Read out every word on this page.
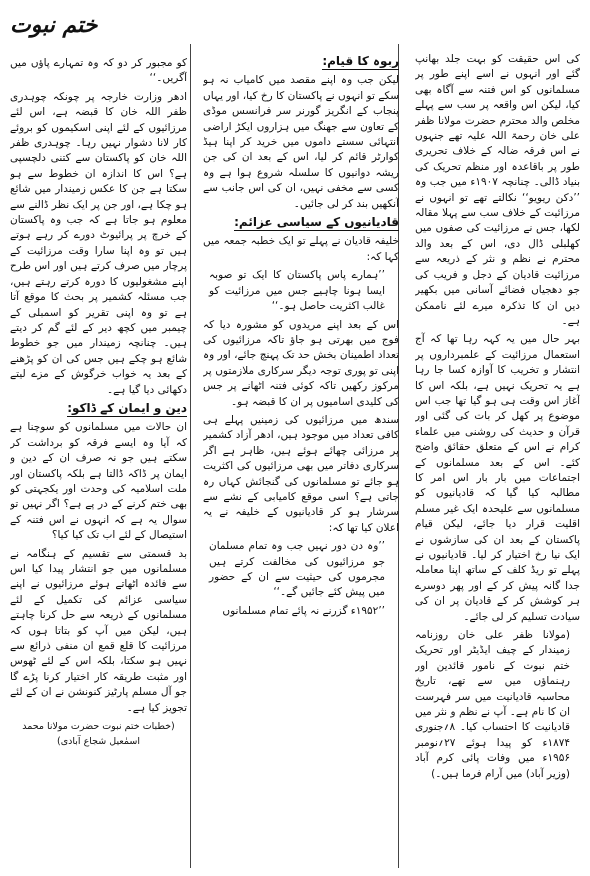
ختم نبوت

کی اس حقیقت کو بہت جلد بھانپ گئے اور انہوں نے اسے اپنے طور پر مسلمانوں کو اس فتنہ سے آگاہ بھی کیا، لیکن اس واقعہ پر سب سے پہلے مخلص والد محترم حضرت مولانا ظفر علی خان رحمۃ اللہ علیہ تھے جنہوں نے اس فرقہ ضالہ کے خلاف تحریری طور پر باقاعدہ اور منظم تحریک کی بنیاد ڈالی۔ چنانچہ ۱۹۰۷ء میں جب وہ ’’دکن ریویو‘‘ نکالتے تھے تو انہوں نے مرزائیت کے خلاف سب سے پہلا مقالہ لکھا، جس نے مرزائیت کی صفوں میں کھلبلی ڈال دی، اس کے بعد والد محترم نے نظم و نثر کے ذریعہ سے مرزائیت قادیان کے دجل و فریب کی جو دھجیاں فضائے آسانی میں بکھیر دیں ان کا تذکرہ میرے لئے ناممکن ہے۔

بہر حال میں یہ کہہ رہا تھا کہ آج استعمال مرزائیت کے علمبرداروں پر انتشار و تخریب کا آوازہ کسا جا رہا ہے یہ تحریک نہیں ہے، بلکہ اس کا آغاز اس وقت ہی ہو گیا تھا جب اس موضوع پر کھل کر بات کی گئی اور قرآن و حدیث کی روشنی میں علماء کرام نے اس کے متعلق حقائق واضح کئے۔ اس کے بعد مسلمانوں کے اجتماعات میں بار بار اس امر کا مطالبہ کیا گیا کہ قادیانیوں کو مسلمانوں سے علیحدہ ایک غیر مسلم اقلیت قرار دیا جائے، لیکن قیام پاکستان کے بعد ان کی سازشوں نے ایک نیا رخ اختیار کر لیا۔ قادیانیوں نے پہلے تو ریڈ کلف کے ساتھ اپنا معاملہ جدا گانہ پیش کر کے اور پھر دوسرے ہر کوشش کر کے قادیان پر ان کی سیادت تسلیم کر لی جائے۔

(مولانا ظفر علی خان روزنامہ زمیندار کے چیف ایڈیٹر اور تحریک ختم نبوت کے نامور قائدین اور رہنماؤں میں سے تھے، تاریخ محاسبہ قادیانیت میں سر فہرست ان کا نام ہے۔ آپ نے نظم و نثر میں قادیانیت کا احتساب کیا۔ ۸؍جنوری ۱۸۷۴ء کو پیدا ہوئے ۲۷؍نومبر ۱۹۵۶ء میں وفات پائی کرم آباد (وزیر آباد) میں آرام فرما ہیں۔)

ربوہ کا قیام:

لیکن جب وہ اپنے مقصد میں کامیاب نہ ہو سکے تو انہوں نے پاکستان کا رخ کیا، اور یہاں پنجاب کے انگریز گورنر سر فرانسس موڈی کے تعاون سے جھنگ میں ہزاروں ایکڑ اراضی انتہائی سستے داموں میں خرید کر اپنا ہیڈ کوارٹر قائم کر لیا، اس کے بعد ان کی جن ریشہ دوانیوں کا سلسلہ شروع ہوا ہے وہ کسی سے مخفی نہیں، ان کی اس جانب سے آنکھیں بند کر لی جائیں۔

قادیانیوں کے سیاسی عزائم:

خلیفہ قادیان نے پہلے تو ایک خطبہ جمعہ میں کہا کہ:

’’ہمارے پاس پاکستان کا ایک تو صوبہ ایسا ہونا چاہیے جس میں مرزائیت کو غالب اکثریت حاصل ہو۔‘‘

اس کے بعد اپنے مریدوں کو مشورہ دیا کہ فوج میں بھرتی ہو جاؤ تاکہ مرزائیوں کی تعداد اطمینان بخش حد تک پہنچ جائے، اور وہ اپنی تو پوری توجہ دیگر سرکاری ملازمتوں پر مرکوز رکھیں تاکہ کوئی فتنہ اٹھانے پر جس کی کلیدی اسامیوں پر ان کا قبضہ ہو۔

سندھ میں مرزائیوں کی زمینیں پہلے ہی کافی تعداد میں موجود ہیں، ادھر آزاد کشمیر پر مرزائی چھائے ہوئے ہیں، ظاہر ہے اگر سرکاری دفاتر میں بھی مرزائیوں کی اکثریت ہو جائے تو مسلمانوں کی گنجائش کہاں رہ جاتی ہے؟ اسی موقع کامیابی کے نشے سے سرشار ہو کر قادیانیوں کے خلیفہ نے یہ اعلان کیا تھا کہ:

’’وہ دن دور نہیں جب وہ تمام مسلمان جو مرزائیوں کی مخالفت کرتے ہیں مجرموں کی حیثیت سے ان کے حضور میں پیش کئے جائیں گے۔‘‘

’’۱۹۵۲ء گزرنے نہ پائے تمام مسلمانوں

کو مجبور کر دو کہ وہ تمہارے پاؤں میں آگریں۔‘‘

ادھر وزارت خارجہ پر چونکہ چوہدری ظفر اللہ خان کا قبضہ ہے، اس لئے مرزائیوں کے لئے اپنی اسکیموں کو بروئے کار لانا دشوار نہیں رہا۔ چوہدری ظفر اللہ خان کو پاکستان سے کتنی دلچسپی ہے؟ اس کا اندازہ ان خطوط سے ہو سکتا ہے جن کا عکس زمیندار میں شائع ہو چکا ہے، اور جن پر ایک نظر ڈالنے سے معلوم ہو جاتا ہے کہ جب وہ پاکستان کے خرچ پر پرائیوٹ دورے کر رہے ہوتے ہیں تو وہ اپنا سارا وقت مرزائیت کے پرچار میں صرف کرتے ہیں اور اس طرح اپنے مشغولیوں کا دورہ کرتے رہتے ہیں، جب مسئلہ کشمیر پر بحث کا موقع آتا ہے تو وہ اپنی تقریر کو اسمبلی کے چیمبر میں کچھ دیر کے لئے گم کر دیتے ہیں۔ چنانچہ زمیندار میں جو خطوط شائع ہو چکے ہیں جس کی ان کو پڑھنے کے بعد یہ خواب خرگوش کے مزے لیتے دکھائی دیا گیا ہے۔

دین و ایمان کے ڈاکو:

ان حالات میں مسلمانوں کو سوچنا ہے کہ آیا وہ ایسے فرقہ کو برداشت کر سکتے ہیں جو نہ صرف ان کے دین و ایمان پر ڈاکہ ڈالتا ہے بلکہ پاکستان اور ملت اسلامیہ کی وحدت اور یکجہتی کو بھی ختم کرنے کے در پے ہے؟ اگر نہیں تو سوال یہ ہے کہ انہوں نے اس فتنہ کے استیصال کے لئے اب تک کیا کیا؟

بد قسمتی سے تقسیم کے ہنگامہ نے مسلمانوں میں جو انتشار پیدا کیا اس سے فائدہ اٹھاتے ہوئے مرزائیوں نے اپنے سیاسی عزائم کی تکمیل کے لئے مسلمانوں کے ذریعہ سے حل کرنا چاہتے ہیں، لیکن میں آپ کو بتاتا ہوں کہ مرزائیت کا قلع قمع ان منفی ذرائع سے نہیں ہو سکتا، بلکہ اس کے لئے ٹھوس اور مثبت طریقہ کار اختیار کرنا پڑے گا جو آل مسلم پارٹیز کنونشن نے ان کے لئے تجویز کیا ہے۔

(خطبات ختم نبوت حضرت مولانا محمد اسمٰعیل شجاع آبادی)
